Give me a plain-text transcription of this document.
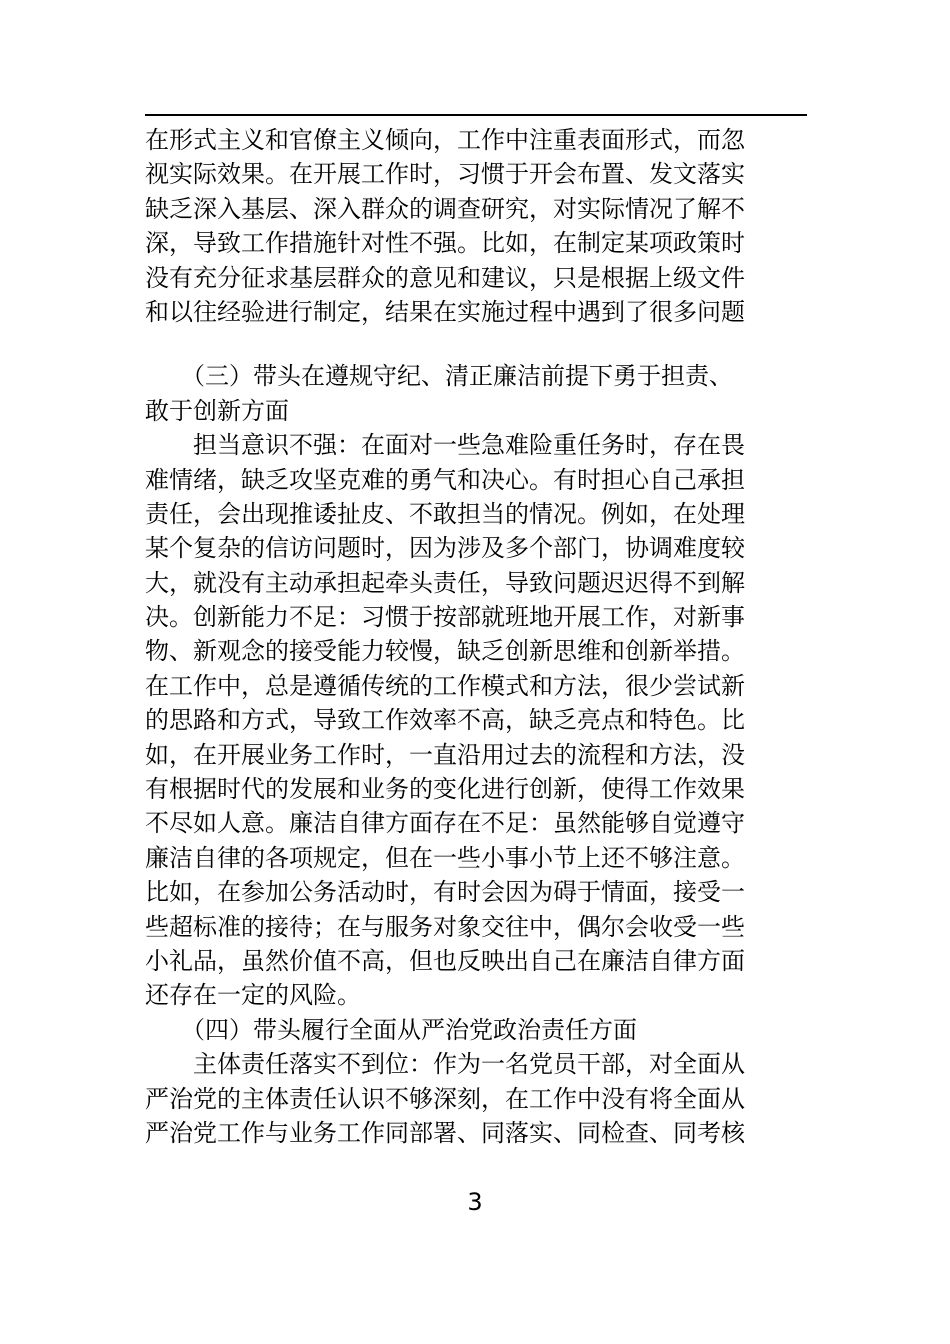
在形式主义和官僚主义倾向，工作中注重表面形式，而忽
视实际效果。在开展工作时，习惯于开会布置、发文落实
缺乏深入基层、深入群众的调查研究，对实际情况了解不
深，导致工作措施针对性不强。比如，在制定某项政策时
没有充分征求基层群众的意见和建议，只是根据上级文件
和以往经验进行制定，结果在实施过程中遇到了很多问题
　　（三）带头在遵规守纪、清正廉洁前提下勇于担责、
敢于创新方面
　　担当意识不强：在面对一些急难险重任务时，存在畏
难情绪，缺乏攻坚克难的勇气和决心。有时担心自己承担
责任，会出现推诿扯皮、不敢担当的情况。例如，在处理
某个复杂的信访问题时，因为涉及多个部门，协调难度较
大，就没有主动承担起牵头责任，导致问题迟迟得不到解
决。创新能力不足：习惯于按部就班地开展工作，对新事
物、新观念的接受能力较慢，缺乏创新思维和创新举措。
在工作中，总是遵循传统的工作模式和方法，很少尝试新
的思路和方式，导致工作效率不高，缺乏亮点和特色。比
如，在开展业务工作时，一直沿用过去的流程和方法，没
有根据时代的发展和业务的变化进行创新，使得工作效果
不尽如人意。廉洁自律方面存在不足：虽然能够自觉遵守
廉洁自律的各项规定，但在一些小事小节上还不够注意。
比如，在参加公务活动时，有时会因为碍于情面，接受一
些超标准的接待；在与服务对象交往中，偶尔会收受一些
小礼品，虽然价值不高，但也反映出自己在廉洁自律方面
还存在一定的风险。
　　（四）带头履行全面从严治党政治责任方面
　　主体责任落实不到位：作为一名党员干部，对全面从
严治党的主体责任认识不够深刻，在工作中没有将全面从
严治党工作与业务工作同部署、同落实、同检查、同考核
3
